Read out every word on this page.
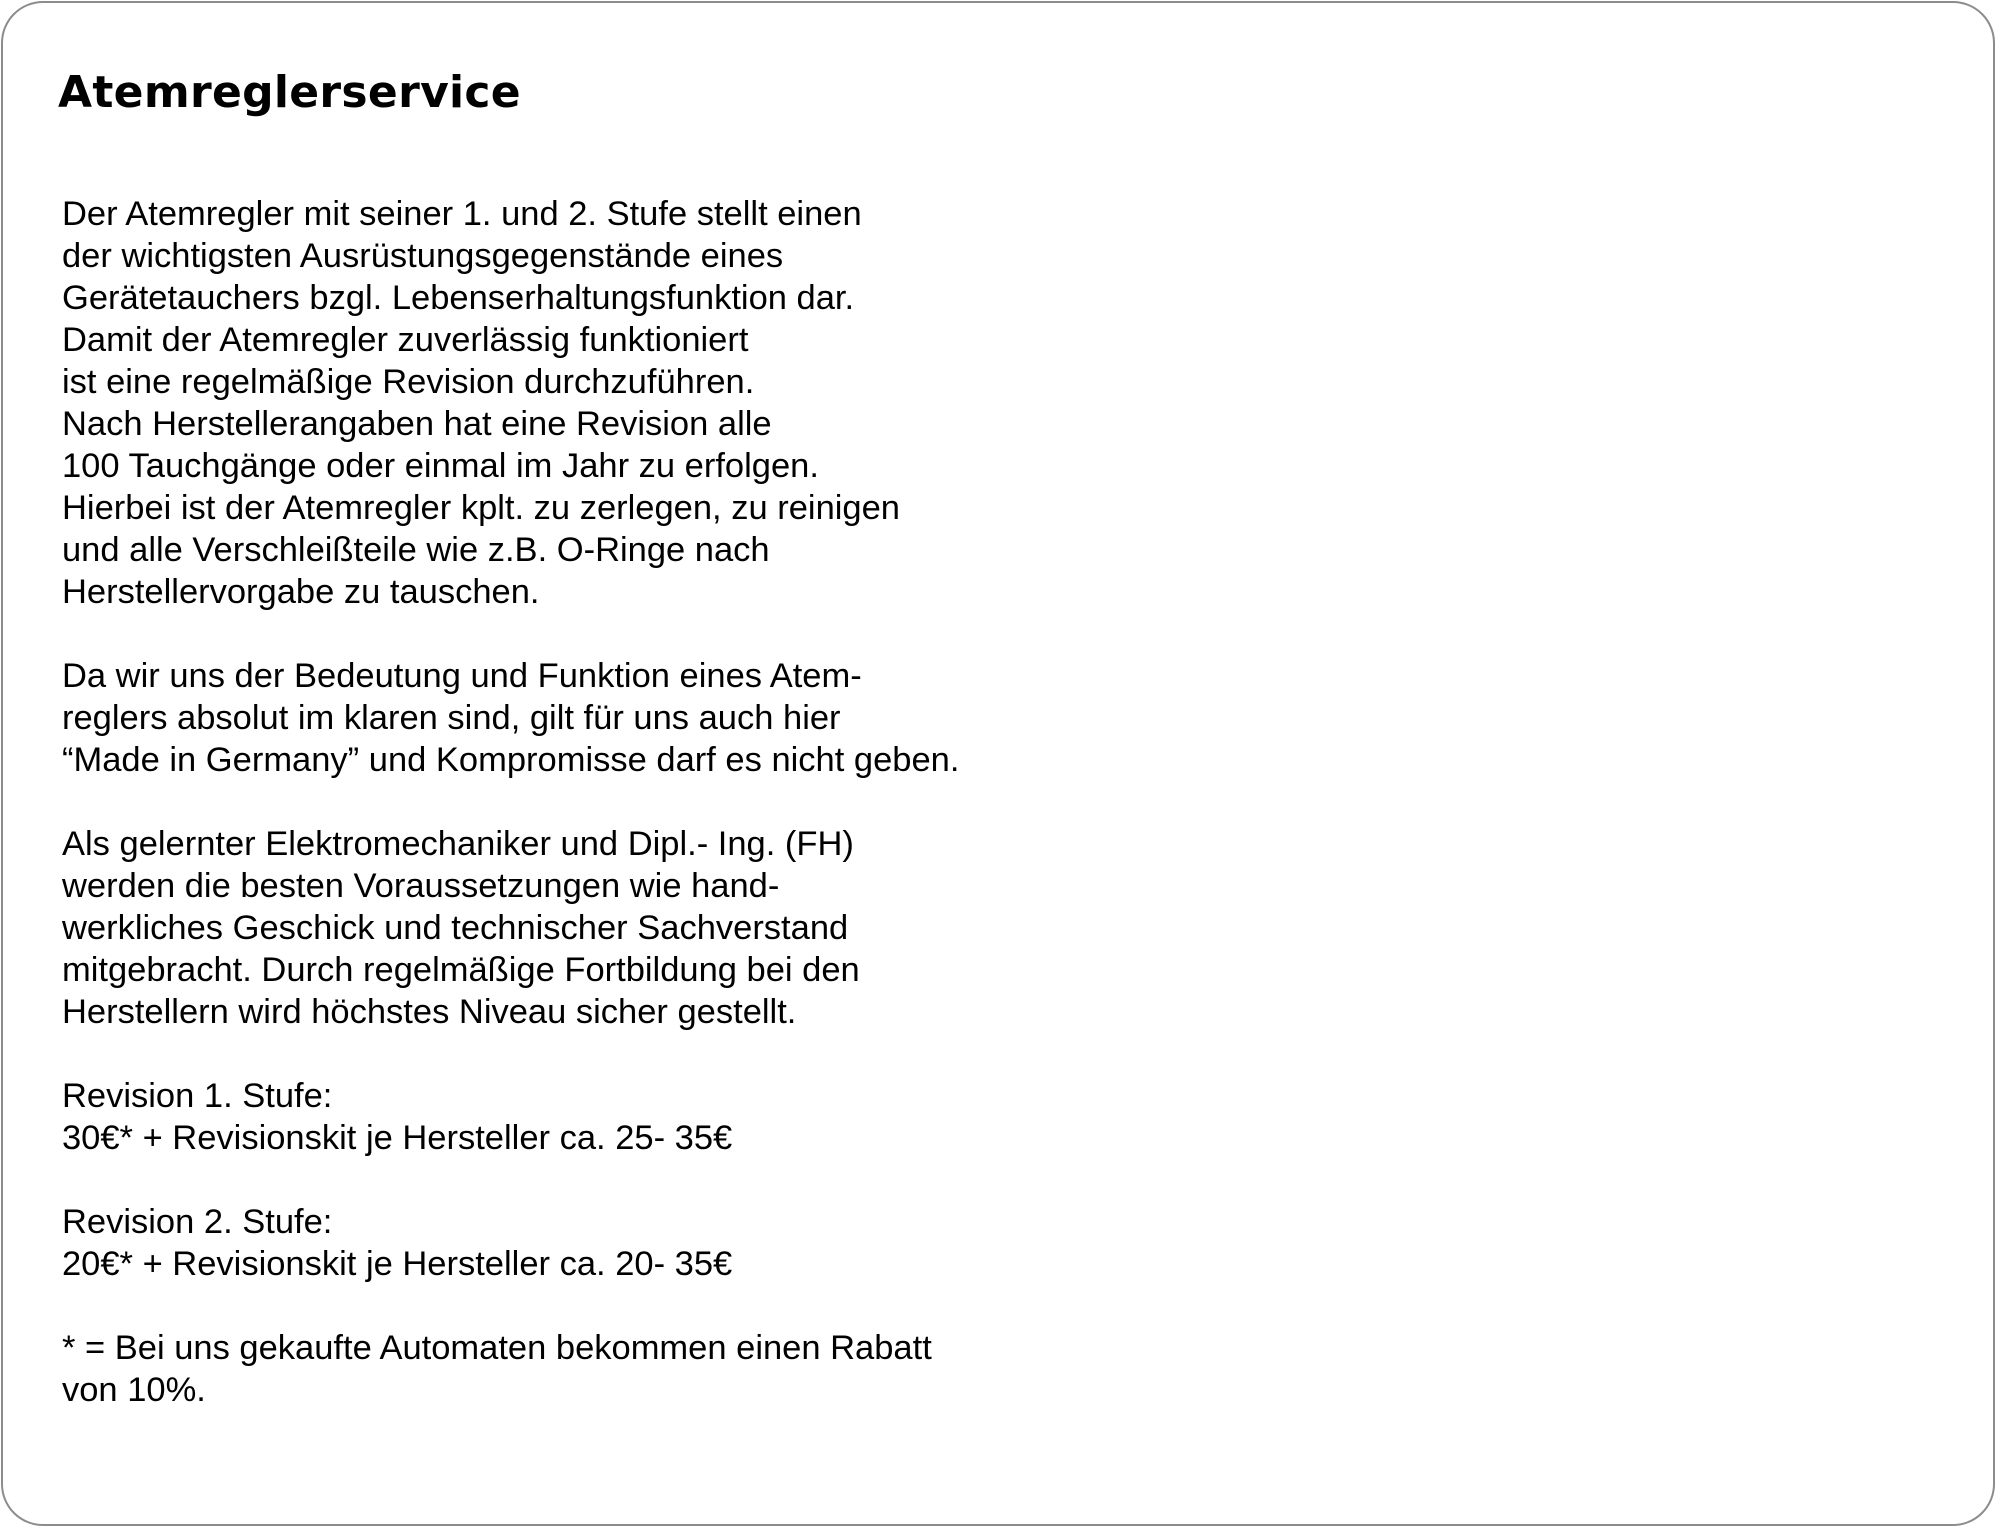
Atemreglerservice

Der Atemregler mit seiner 1. und 2. Stufe stellt einen
der wichtigsten Ausrüstungsgegenstände eines
Gerätetauchers bzgl. Lebenserhaltungsfunktion dar.
Damit der Atemregler zuverlässig funktioniert
ist eine regelmäßige Revision durchzuführen.
Nach Herstellerangaben hat eine Revision alle
100 Tauchgänge oder einmal im Jahr zu erfolgen.
Hierbei ist der Atemregler kplt. zu zerlegen, zu reinigen
und alle Verschleißteile wie z.B. O-Ringe nach
Herstellervorgabe zu tauschen.

Da wir uns der Bedeutung und Funktion eines Atem-
reglers absolut im klaren sind, gilt für uns auch hier
“Made in Germany” und Kompromisse darf es nicht geben.

Als gelernter Elektromechaniker und Dipl.- Ing. (FH)
werden die besten Voraussetzungen wie hand-
werkliches Geschick und technischer Sachverstand
mitgebracht. Durch regelmäßige Fortbildung bei den
Herstellern wird höchstes Niveau sicher gestellt.

Revision 1. Stufe:
30€* + Revisionskit je Hersteller ca. 25- 35€

Revision 2. Stufe:
20€* + Revisionskit je Hersteller ca. 20- 35€

* = Bei uns gekaufte Automaten bekommen einen Rabatt
von 10%.
